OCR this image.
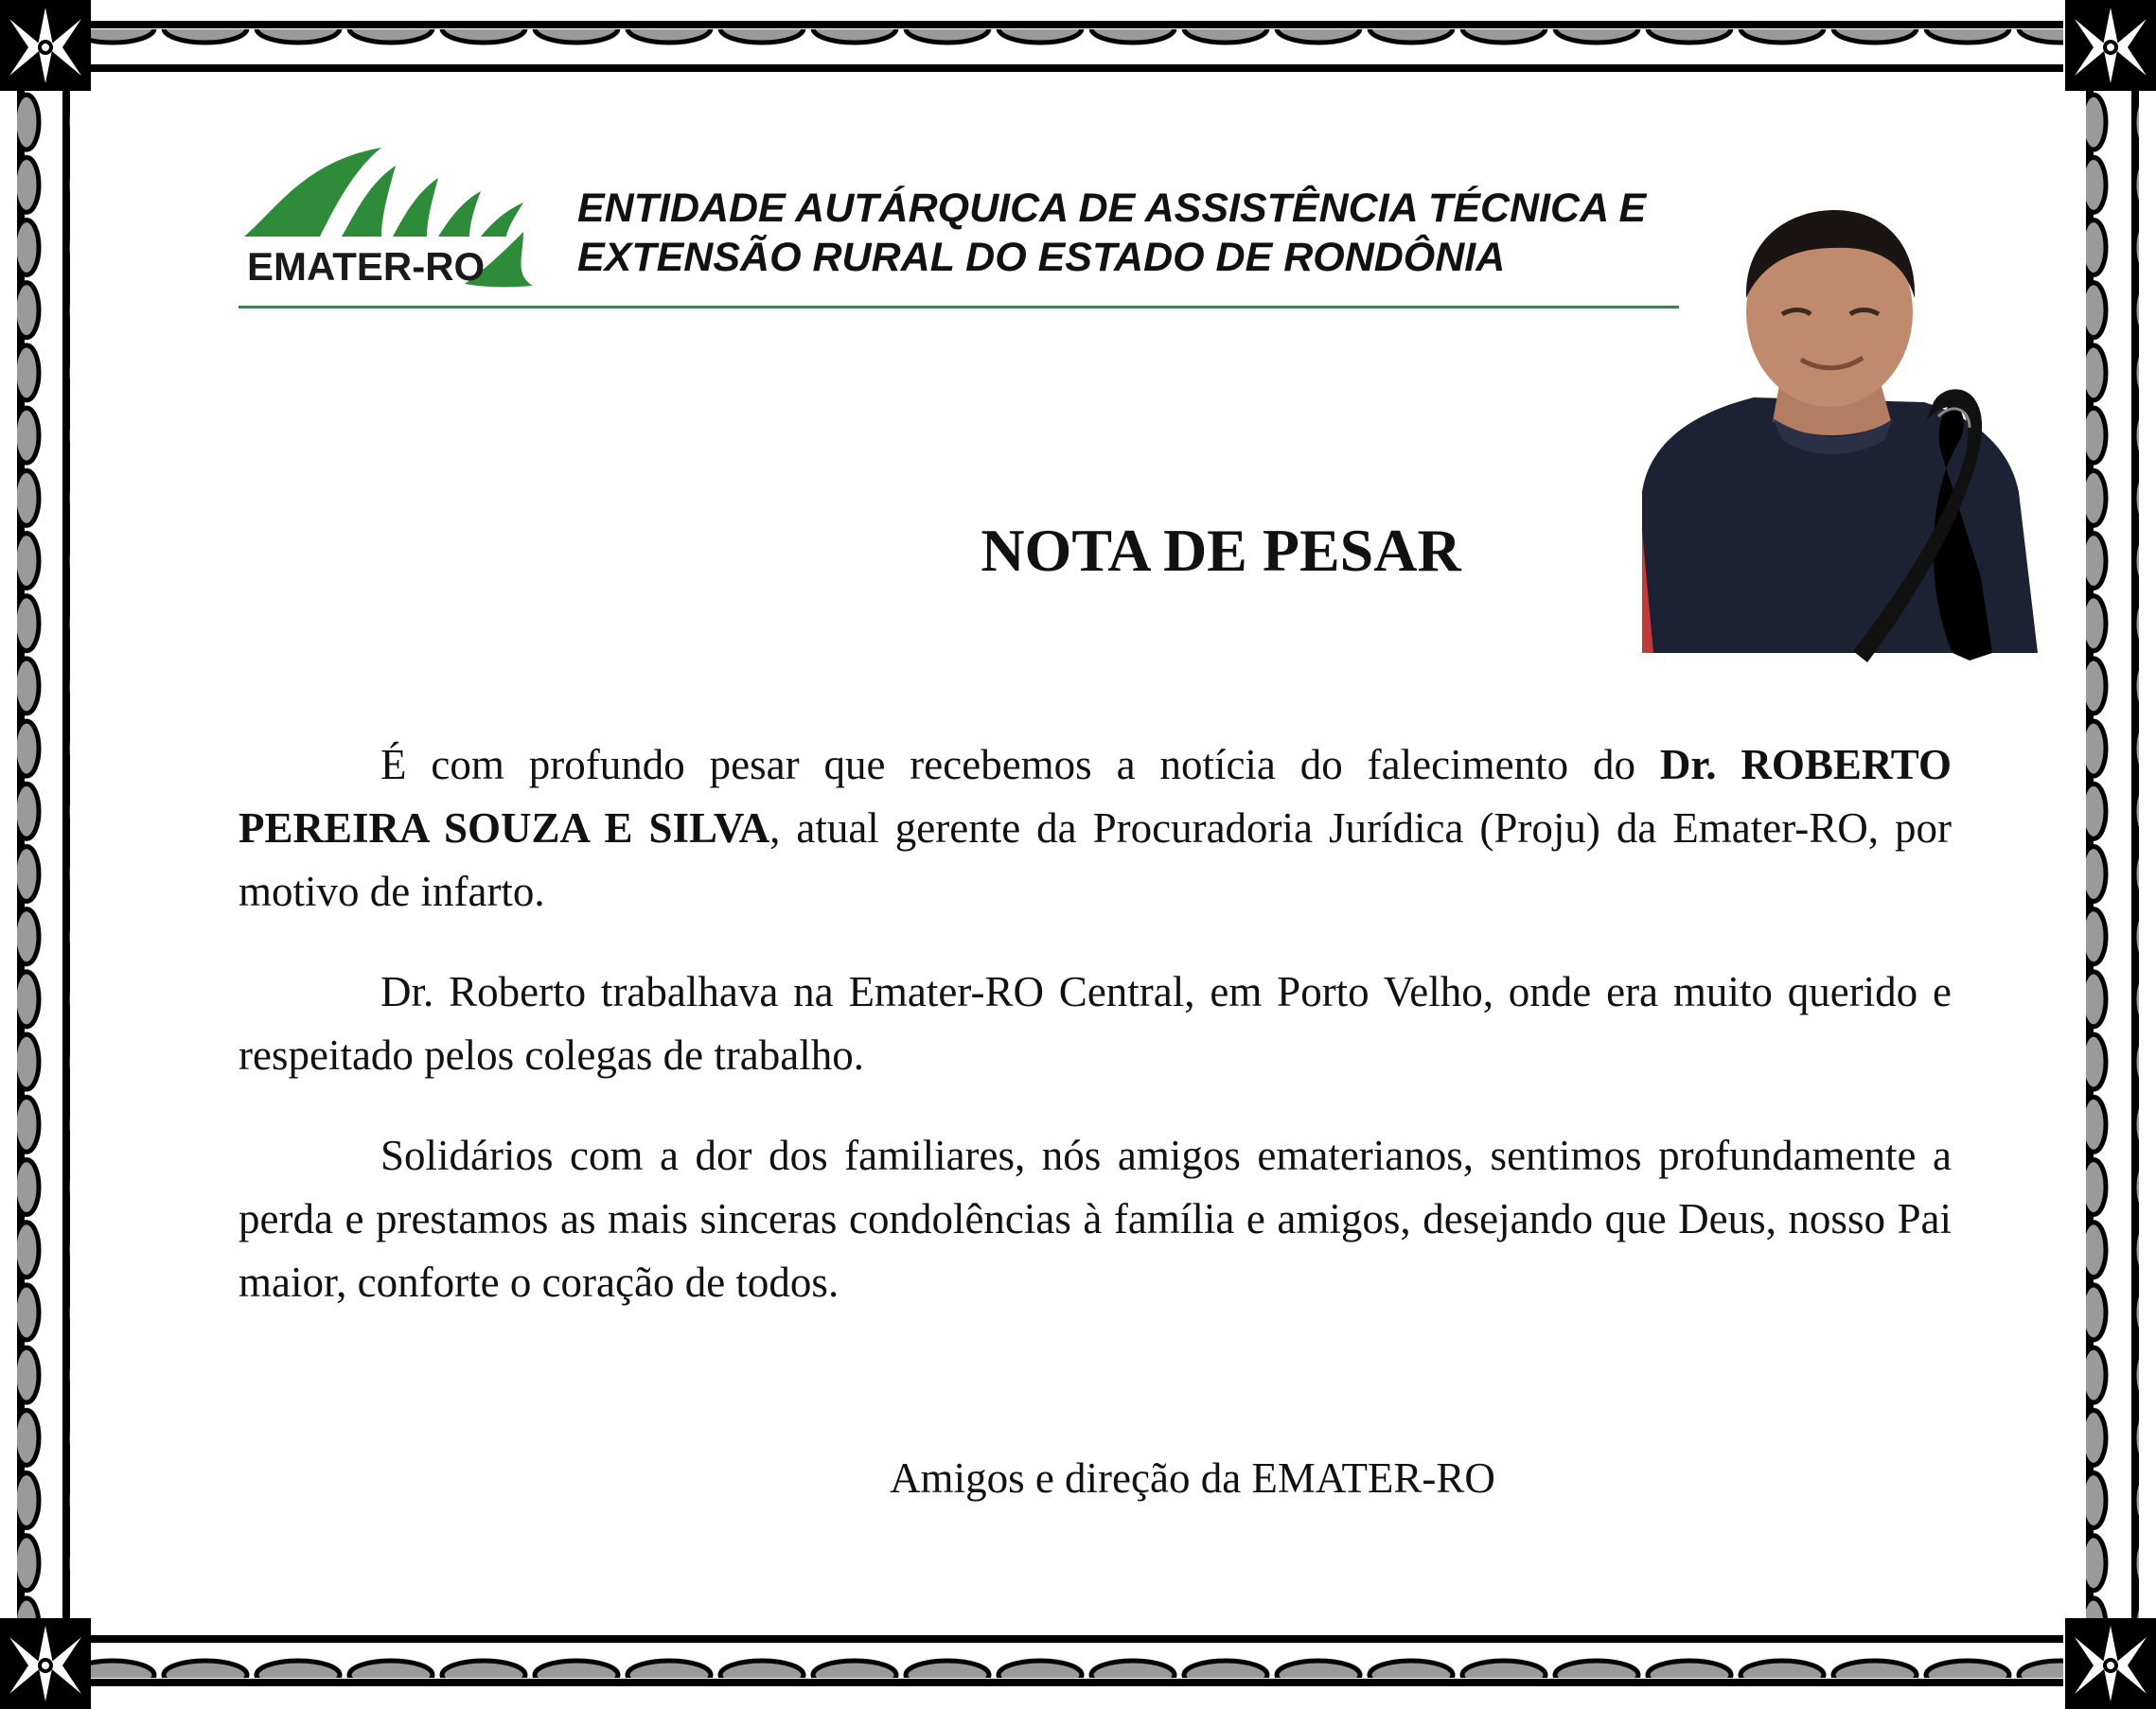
EMATER-RO
ENTIDADE AUTÁRQUICA DE ASSISTÊNCIA TÉCNICA E
EXTENSÃO RURAL DO ESTADO DE RONDÔNIA
NOTA DE PESAR

É com profundo pesar que recebemos a notícia do falecimento do Dr. ROBERTO PEREIRA SOUZA E SILVA, atual gerente da Procuradoria Jurídica (Proju) da Emater-RO, por motivo de infarto.

Dr. Roberto trabalhava na Emater-RO Central, em Porto Velho, onde era muito querido e respeitado pelos colegas de trabalho.

Solidários com a dor dos familiares, nós amigos ematerianos, sentimos profundamente a perda e prestamos as mais sinceras condolências à família e amigos, desejando que Deus, nosso Pai maior, conforte o coração de todos.

Amigos e direção da EMATER-RO
